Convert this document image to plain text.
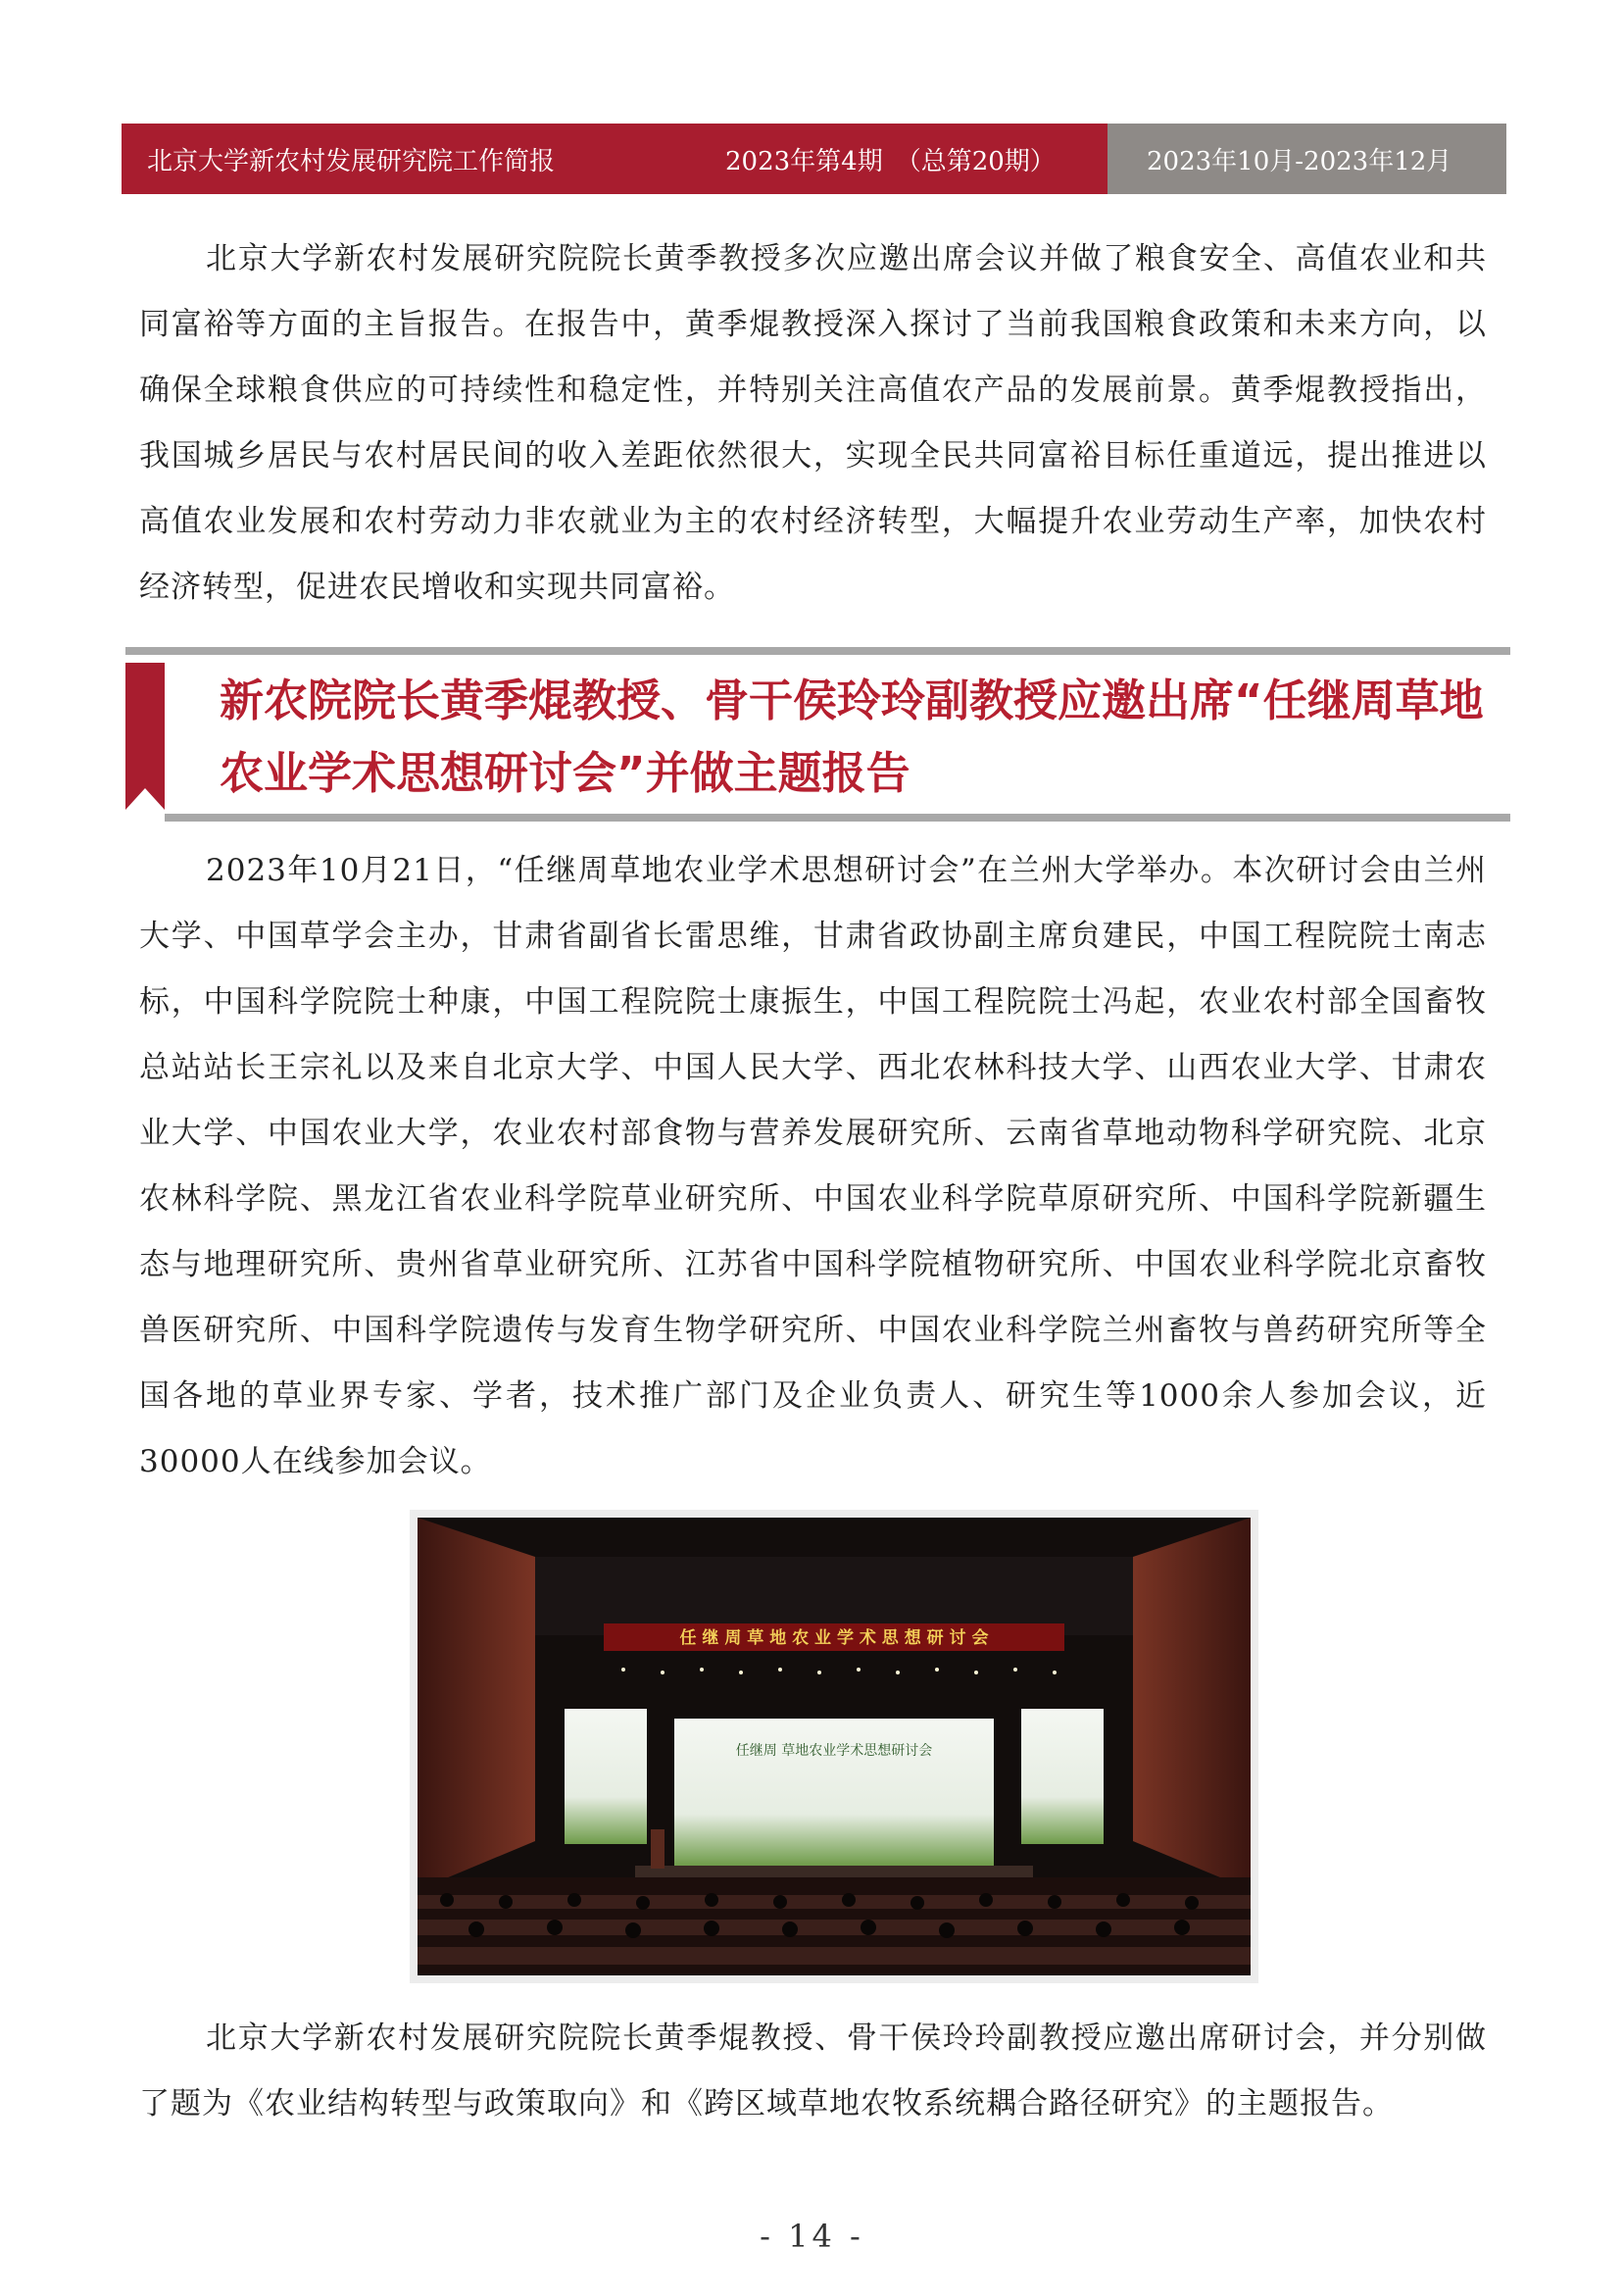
北京大学新农村发展研究院工作简报	2023年第4期　（总第20期）	2023年10月-2023年12月

北京大学新农村发展研究院院长黄季教授多次应邀出席会议并做了粮食安全、高值农业和共同富裕等方面的主旨报告。在报告中，黄季焜教授深入探讨了当前我国粮食政策和未来方向，以确保全球粮食供应的可持续性和稳定性，并特别关注高值农产品的发展前景。黄季焜教授指出，我国城乡居民与农村居民间的收入差距依然很大，实现全民共同富裕目标任重道远，提出推进以高值农业发展和农村劳动力非农就业为主的农村经济转型，大幅提升农业劳动生产率，加快农村经济转型，促进农民增收和实现共同富裕。

新农院院长黄季焜教授、骨干侯玲玲副教授应邀出席“任继周草地
农业学术思想研讨会”并做主题报告

2023年10月21日，“任继周草地农业学术思想研讨会”在兰州大学举办。本次研讨会由兰州大学、中国草学会主办，甘肃省副省长雷思维，甘肃省政协副主席贠建民，中国工程院院士南志标，中国科学院院士种康，中国工程院院士康振生，中国工程院院士冯起，农业农村部全国畜牧总站站长王宗礼以及来自北京大学、中国人民大学、西北农林科技大学、山西农业大学、甘肃农业大学、中国农业大学，农业农村部食物与营养发展研究所、云南省草地动物科学研究院、北京农林科学院、黑龙江省农业科学院草业研究所、中国农业科学院草原研究所、中国科学院新疆生态与地理研究所、贵州省草业研究所、江苏省中国科学院植物研究所、中国农业科学院北京畜牧兽医研究所、中国科学院遗传与发育生物学研究所、中国农业科学院兰州畜牧与兽药研究所等全国各地的草业界专家、学者，技术推广部门及企业负责人、研究生等1000余人参加会议，近30000人在线参加会议。

任 继 周 草 地 农 业 学 术 思 想 研 讨 会
任继周 草地农业学术思想研讨会

北京大学新农村发展研究院院长黄季焜教授、骨干侯玲玲副教授应邀出席研讨会，并分别做了题为《农业结构转型与政策取向》和《跨区域草地农牧系统耦合路径研究》的主题报告。

- 14 -
